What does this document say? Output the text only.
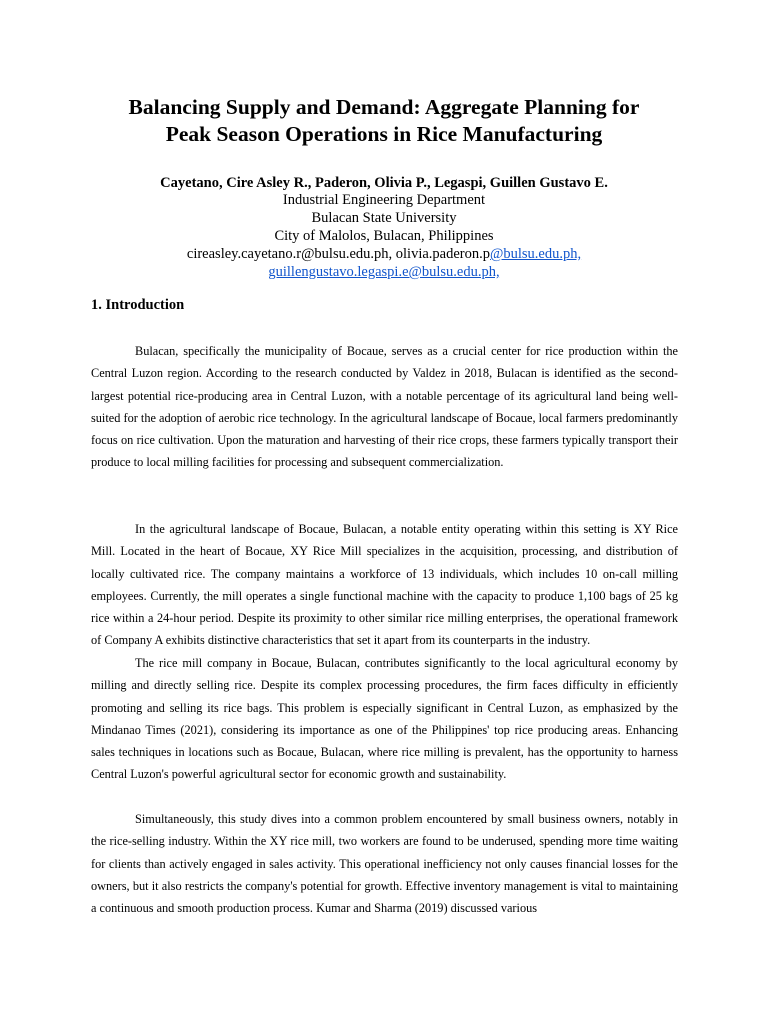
Balancing Supply and Demand: Aggregate Planning for
Peak Season Operations in Rice Manufacturing
Cayetano, Cire Asley R., Paderon, Olivia P., Legaspi, Guillen Gustavo E.
Industrial Engineering Department
Bulacan State University
City of Malolos, Bulacan, Philippines
cireasley.cayetano.r@bulsu.edu.ph, olivia.paderon.p@bulsu.edu.ph,
guillengustavo.legaspi.e@bulsu.edu.ph,
1. Introduction

Bulacan, specifically the municipality of Bocaue, serves as a crucial center for rice production within the Central Luzon region. According to the research conducted by Valdez in 2018, Bulacan is identified as the second-largest potential rice-producing area in Central Luzon, with a notable percentage of its agricultural land being well-suited for the adoption of aerobic rice technology. In the agricultural landscape of Bocaue, local farmers predominantly focus on rice cultivation. Upon the maturation and harvesting of their rice crops, these farmers typically transport their produce to local milling facilities for processing and subsequent commercialization.

In the agricultural landscape of Bocaue, Bulacan, a notable entity operating within this setting is XY Rice Mill. Located in the heart of Bocaue, XY Rice Mill specializes in the acquisition, processing, and distribution of locally cultivated rice. The company maintains a workforce of 13 individuals, which includes 10 on-call milling employees. Currently, the mill operates a single functional machine with the capacity to produce 1,100 bags of 25 kg rice within a 24-hour period. Despite its proximity to other similar rice milling enterprises, the operational framework of Company A exhibits distinctive characteristics that set it apart from its counterparts in the industry.

The rice mill company in Bocaue, Bulacan, contributes significantly to the local agricultural economy by milling and directly selling rice. Despite its complex processing procedures, the firm faces difficulty in efficiently promoting and selling its rice bags. This problem is especially significant in Central Luzon, as emphasized by the Mindanao Times (2021), considering its importance as one of the Philippines' top rice producing areas. Enhancing sales techniques in locations such as Bocaue, Bulacan, where rice milling is prevalent, has the opportunity to harness Central Luzon's powerful agricultural sector for economic growth and sustainability.

Simultaneously, this study dives into a common problem encountered by small business owners, notably in the rice-selling industry. Within the XY rice mill, two workers are found to be underused, spending more time waiting for clients than actively engaged in sales activity. This operational inefficiency not only causes financial losses for the owners, but it also restricts the company's potential for growth. Effective inventory management is vital to maintaining a continuous and smooth production process. Kumar and Sharma (2019) discussed various
